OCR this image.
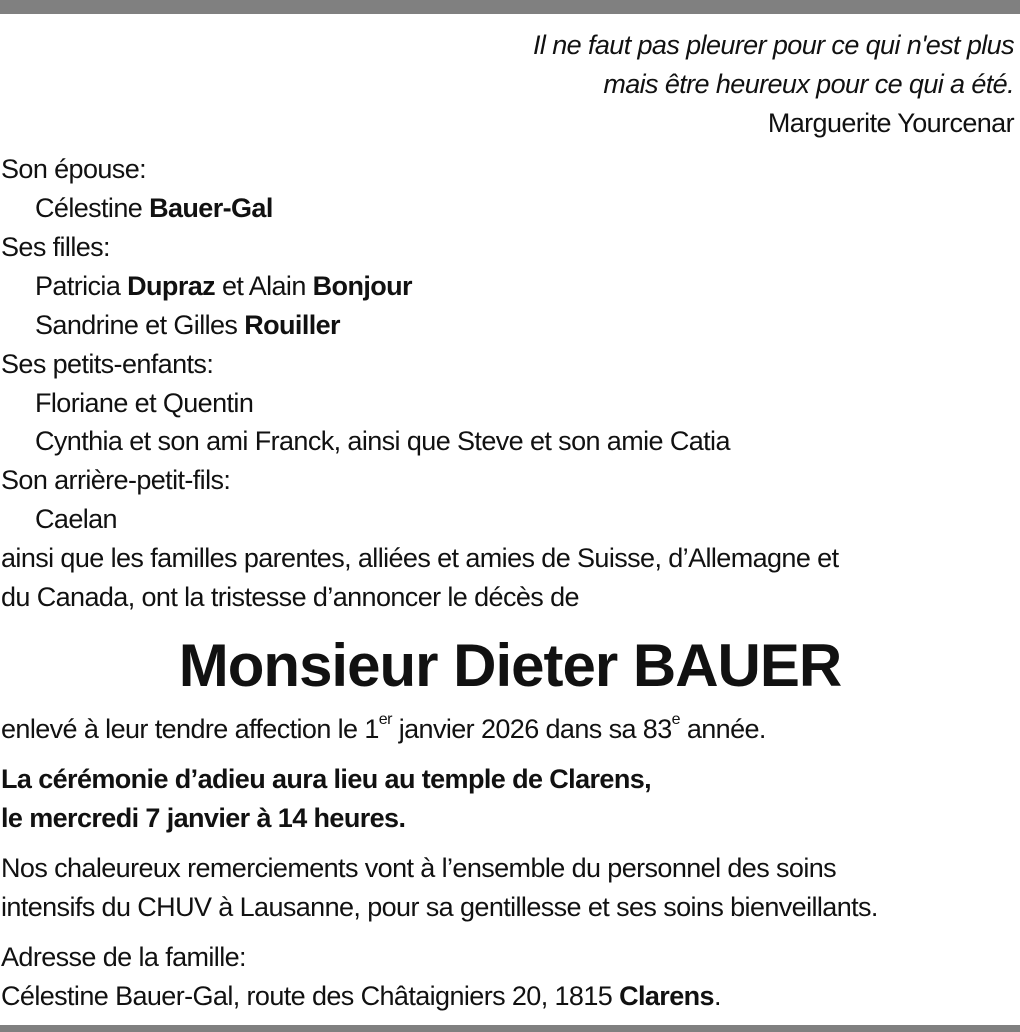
Il ne faut pas pleurer pour ce qui n'est plus
mais être heureux pour ce qui a été.
Marguerite Yourcenar
Son épouse:
Célestine Bauer-Gal
Ses filles:
Patricia Dupraz et Alain Bonjour
Sandrine et Gilles Rouiller
Ses petits-enfants:
Floriane et Quentin
Cynthia et son ami Franck, ainsi que Steve et son amie Catia
Son arrière-petit-fils:
Caelan
ainsi que les familles parentes, alliées et amies de Suisse, d’Allemagne et
du Canada, ont la tristesse d’annoncer le décès de
Monsieur Dieter BAUER
enlevé à leur tendre affection le 1er janvier 2026 dans sa 83e année.
La cérémonie d’adieu aura lieu au temple de Clarens,
le mercredi 7 janvier à 14 heures.
Nos chaleureux remerciements vont à l’ensemble du personnel des soins
intensifs du CHUV à Lausanne, pour sa gentillesse et ses soins bienveillants.
Adresse de la famille:
Célestine Bauer-Gal, route des Châtaigniers 20, 1815 Clarens.
